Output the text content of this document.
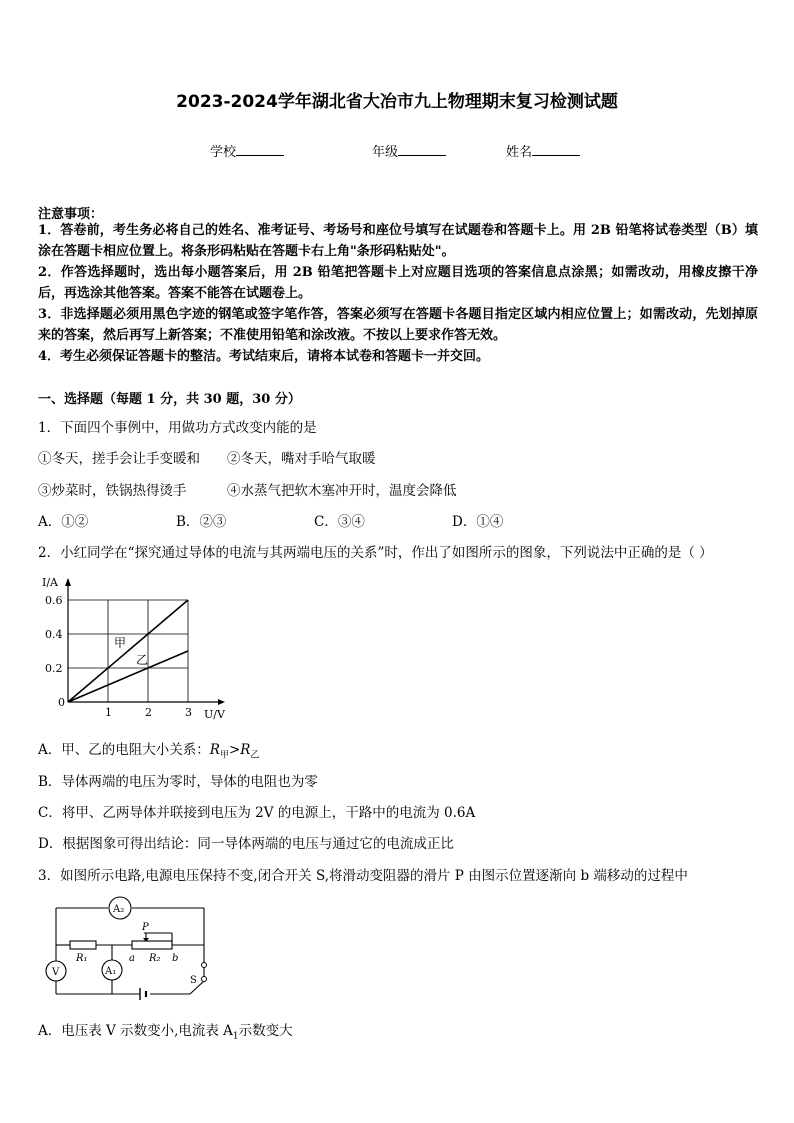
2023-2024学年湖北省大冶市九上物理期末复习检测试题
学校	年级	姓名
注意事项：
1．答卷前，考生务必将自己的姓名、准考证号、考场号和座位号填写在试题卷和答题卡上。用 2B 铅笔将试卷类型（B）填涂在答题卡相应位置上。将条形码粘贴在答题卡右上角"条形码粘贴处"。
2．作答选择题时，选出每小题答案后，用 2B 铅笔把答题卡上对应题目选项的答案信息点涂黑；如需改动，用橡皮擦干净后，再选涂其他答案。答案不能答在试题卷上。
3．非选择题必须用黑色字迹的钢笔或签字笔作答，答案必须写在答题卡各题目指定区域内相应位置上；如需改动，先划掉原来的答案，然后再写上新答案；不准使用铅笔和涂改液。不按以上要求作答无效。
4．考生必须保证答题卡的整洁。考试结束后，请将本试卷和答题卡一并交回。
一、选择题（每题 1 分，共 30 题，30 分）
1．下面四个事例中，用做功方式改变内能的是
①冬天，搓手会让手变暖和 ②冬天，嘴对手哈气取暖
③炒菜时，铁锅热得烫手	④水蒸气把软木塞冲开时，温度会降低
A．①②	B．②③	C．③④	D．①④
2．小红同学在“探究通过导体的电流与其两端电压的关系”时，作出了如图所示的图象，下列说法中正确的是（ ）
1	2	3
0.2
0.4
0.6
I/A
U/V
0
甲
乙
A．甲、乙的电阻大小关系：$R_甲>R_乙$
B．导体两端的电压为零时，导体的电阻也为零
C．将甲、乙两导体并联接到电压为 2V 的电源上，干路中的电流为 0.6A
D．根据图象可得出结论：同一导体两端的电压与通过它的电流成正比
3．如图所示电路,电源电压保持不变,闭合开关 S,将滑动变阻器的滑片 P 由图示位置逐渐向 b 端移动的过程中
A₂
V	A₁
R₁	R₂
P
a	b
S
A．电压表 V 示数变小,电流表 $A_1$示数变大
